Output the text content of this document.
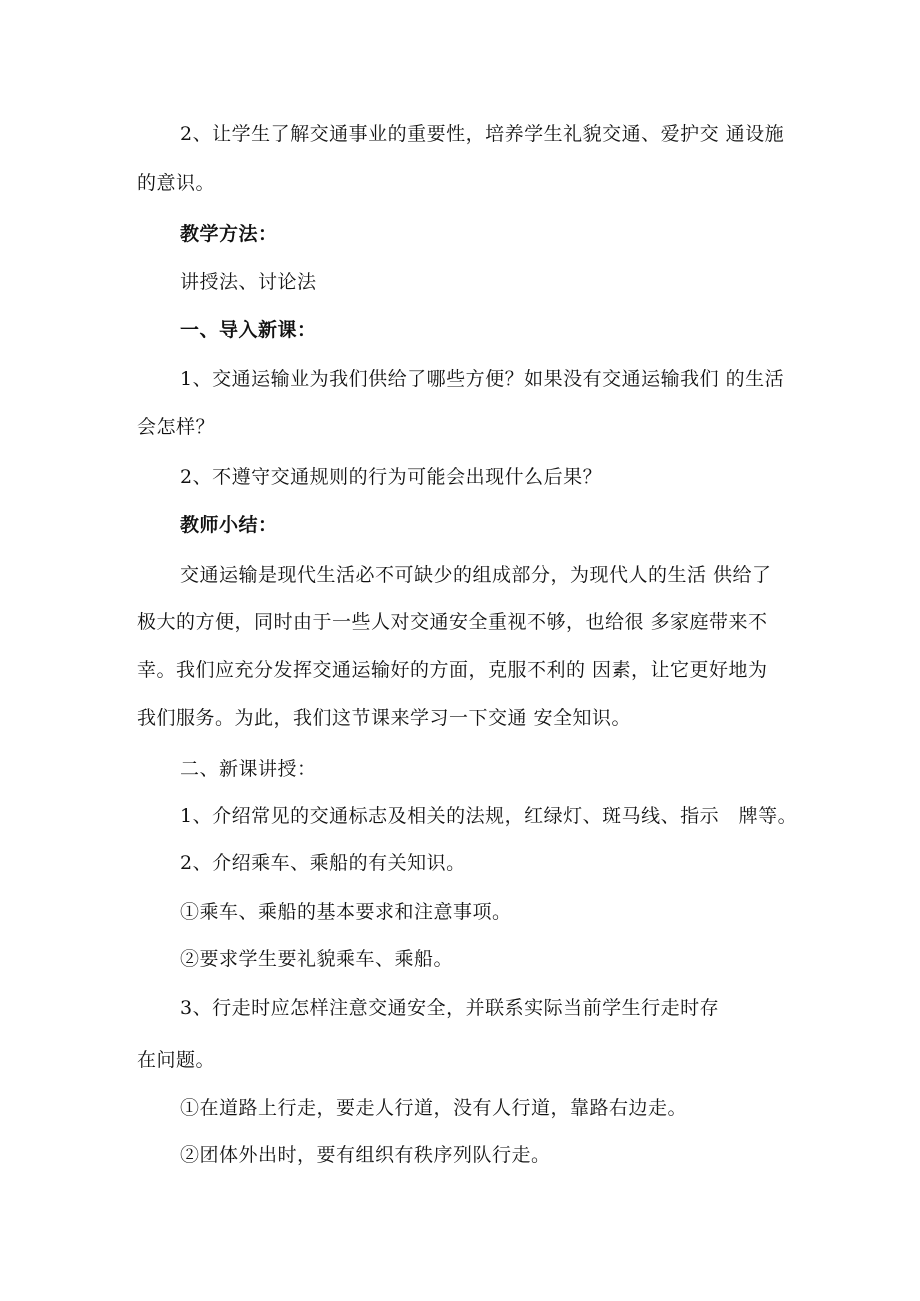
2、让学生了解交通事业的重要性，培养学生礼貌交通、爱护交 通设施
的意识。
教学方法：
讲授法、讨论法
一、导入新课：
1、交通运输业为我们供给了哪些方便？如果没有交通运输我们 的生活
会怎样？
2、不遵守交通规则的行为可能会出现什么后果？
教师小结：
交通运输是现代生活必不可缺少的组成部分，为现代人的生活 供给了
极大的方便，同时由于一些人对交通安全重视不够，也给很 多家庭带来不
幸。我们应充分发挥交通运输好的方面，克服不利的 因素，让它更好地为
我们服务。为此，我们这节课来学习一下交通 安全知识。
二、新课讲授：
1、介绍常见的交通标志及相关的法规，红绿灯、斑马线、指示　牌等。
2、介绍乘车、乘船的有关知识。
①乘车、乘船的基本要求和注意事项。
②要求学生要礼貌乘车、乘船。
3、行走时应怎样注意交通安全，并联系实际当前学生行走时存
在问题。
①在道路上行走，要走人行道，没有人行道，靠路右边走。
②团体外出时，要有组织有秩序列队行走。
